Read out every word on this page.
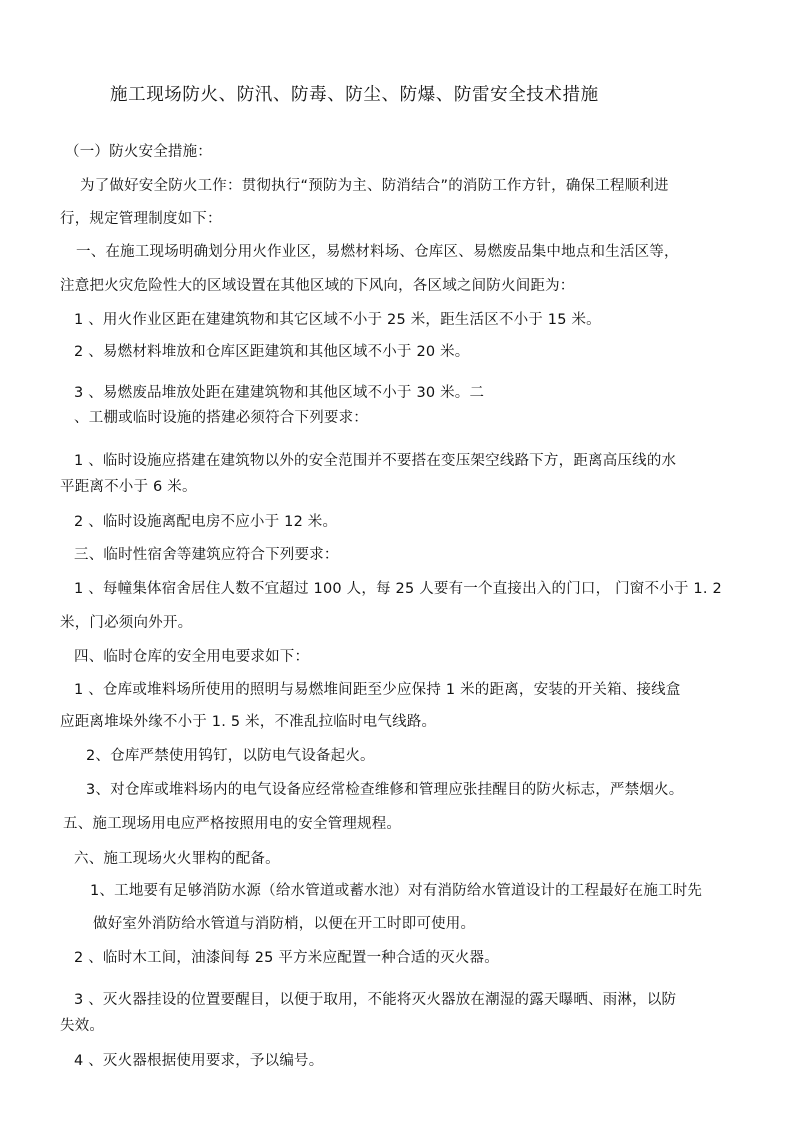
施工现场防火、防汛、防毒、防尘、防爆、防雷安全技术措施
（一）防火安全措施：
为了做好安全防火工作：贯彻执行“预防为主、防消结合”的消防工作方针，确保工程顺利进
行，规定管理制度如下：
一、在施工现场明确划分用火作业区，易燃材料场、仓库区、易燃废品集中地点和生活区等，
注意把火灾危险性大的区域设置在其他区域的下风向，各区域之间防火间距为：
1 、用火作业区距在建建筑物和其它区域不小于 25 米，距生活区不小于 15 米。
2 、易燃材料堆放和仓库区距建筑和其他区域不小于 20 米。
3 、易燃废品堆放处距在建建筑物和其他区域不小于 30 米。二
、工棚或临时设施的搭建必须符合下列要求：
1 、临时设施应搭建在建筑物以外的安全范围并不要搭在变压架空线路下方，距离高压线的水
平距离不小于 6 米。
2 、临时设施离配电房不应小于 12 米。
三、临时性宿舍等建筑应符合下列要求：
1 、每幢集体宿舍居住人数不宜超过 100 人，每 25 人要有一个直接出入的门口， 门窗不小于 1. 2
米，门必须向外开。
四、临时仓库的安全用电要求如下：
1 、仓库或堆料场所使用的照明与易燃堆间距至少应保持 1 米的距离，安装的开关箱、接线盒
应距离堆垛外缘不小于 1. 5 米，不准乱拉临时电气线路。
2、仓库严禁使用钨钉，以防电气设备起火。
3、对仓库或堆料场内的电气设备应经常检查维修和管理应张挂醒目的防火标志，严禁烟火。
五、施工现场用电应严格按照用电的安全管理规程。
六、施工现场火火罪构的配备。
1、工地要有足够消防水源（给水管道或蓄水池）对有消防给水管道设计的工程最好在施工时先
做好室外消防给水管道与消防梢，以便在开工时即可使用。
2 、临时木工间，油漆间每 25 平方米应配置一种合适的灭火器。
3 、灭火器挂设的位置要醒目，以便于取用，不能将灭火器放在潮湿的露天曝晒、雨淋，以防
失效。
4 、灭火器根据使用要求，予以编号。
